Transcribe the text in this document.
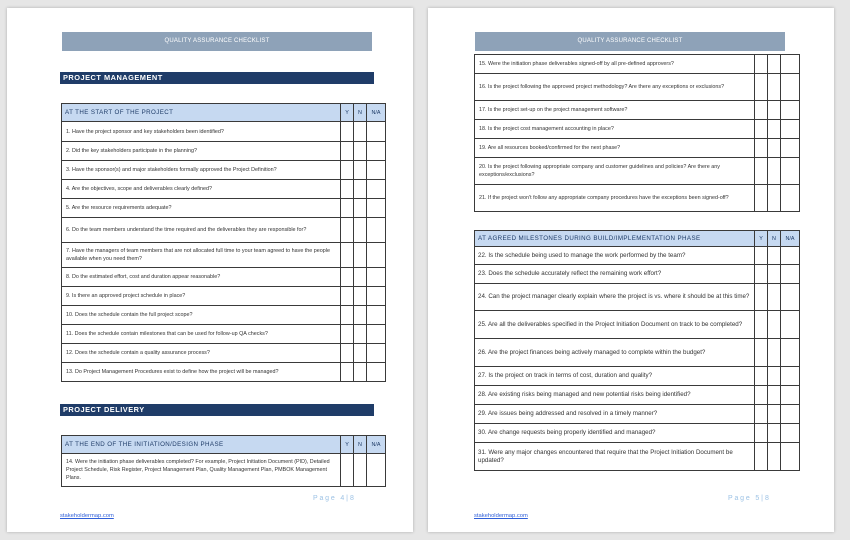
QUALITY ASSURANCE CHECKLIST
PROJECT MANAGEMENT
AT THE START OF THE PROJECT	Y	N	N/A
1. Have the project sponsor and key stakeholders been identified?			
2. Did the key stakeholders participate in the planning?			
3. Have the sponsor(s) and major stakeholders formally approved the Project Definition?			
4. Are the objectives, scope and deliverables clearly defined?			
5. Are the resource requirements adequate?			
6. Do the team members understand the time required and the deliverables they are responsible for?			
7. Have the managers of team members that are not allocated full time to your team agreed to have the people available when you need them?			
8. Do the estimated effort, cost and duration appear reasonable?			
9. Is there an approved project schedule in place?			
10. Does the schedule contain the full project scope?			
11. Does the schedule contain milestones that can be used for follow-up QA checks?			
12. Does the schedule contain a quality assurance process?			
13. Do Project Management Procedures exist to define how the project will be managed?			
PROJECT DELIVERY
AT THE END OF THE INITIATION/DESIGN PHASE	Y	N	N/A
14. Were the initiation phase deliverables completed? For example, Project Initiation Document (PID), Detailed Project Schedule, Risk Register, Project Management Plan, Quality Management Plan, PMBOK Management Plans.			
Page 4 | 8
stakeholdermap.com
QUALITY ASSURANCE CHECKLIST
15. Were the initiation phase deliverables signed-off by all pre-defined approvers?			
16. Is the project following the approved project methodology? Are there any exceptions or exclusions?			
17. Is the project set-up on the project management software?			
18. Is the project cost management accounting in place?			
19. Are all resources booked/confirmed for the next phase?			
20. Is the project following appropriate company and customer guidelines and policies? Are there any exceptions/exclusions?			
21. If the project won't follow any appropriate company procedures have the exceptions been signed-off?			
AT AGREED MILESTONES DURING BUILD/IMPLEMENTATION PHASE	Y	N	N/A
22. Is the schedule being used to manage the work performed by the team?			
23. Does the schedule accurately reflect the remaining work effort?			
24. Can the project manager clearly explain where the project is vs. where it should be at this time?			
25. Are all the deliverables specified in the Project Initiation Document on track to be completed?			
26. Are the project finances being actively managed to complete within the budget?			
27. Is the project on track in terms of cost, duration and quality?			
28. Are existing risks being managed and new potential risks being identified?			
29. Are issues being addressed and resolved in a timely manner?			
30. Are change requests being properly identified and managed?			
31. Were any major changes encountered that require that the Project Initiation Document be updated?			
Page 5 | 8
stakeholdermap.com
